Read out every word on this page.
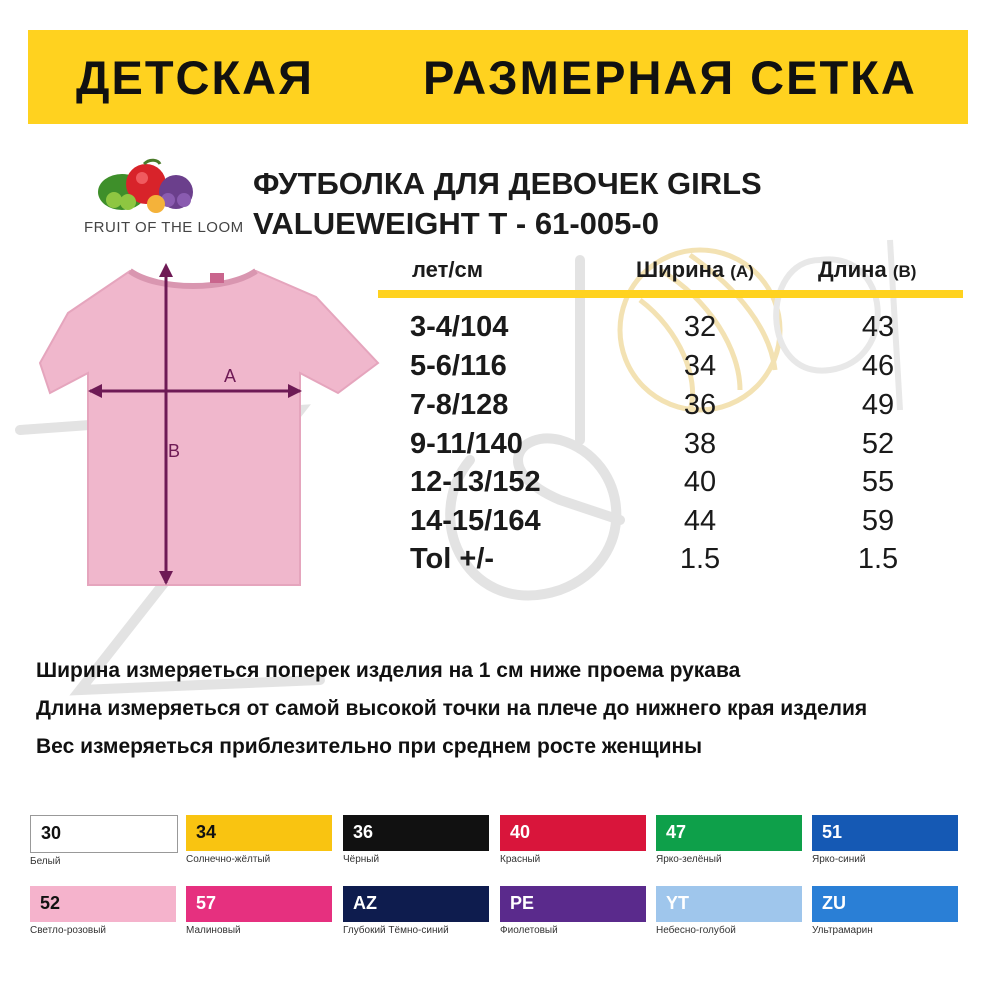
ДЕТСКАЯ РАЗМЕРНАЯ СЕТКА
FRUIT OF THE LOOM
ФУТБОЛКА ДЛЯ ДЕВОЧЕК GIRLS
VALUEWEIGHT T - 61-005-0
лет/см	Ширина (A)	Длина (B)
A
B
3-4/104	32	43
5-6/116	34	46
7-8/128	36	49
9-11/140	38	52
12-13/152	40	55
14-15/164	44	59
Tol +/-	1.5	1.5
Ширина измеряеться поперек изделия на 1 см ниже проема рукава
Длина измеряеться от самой высокой точки на плече до нижнего края изделия
Вес измеряеться приблезительно при среднем росте женщины
30
Белый
34
Солнечно-жёлтый
36
Чёрный
40
Красный
47
Ярко-зелёный
51
Ярко-синий
52
Светло-розовый
57
Малиновый
AZ
Глубокий Тёмно-синий
PE
Фиолетовый
YT
Небесно-голубой
ZU
Ультрамарин
